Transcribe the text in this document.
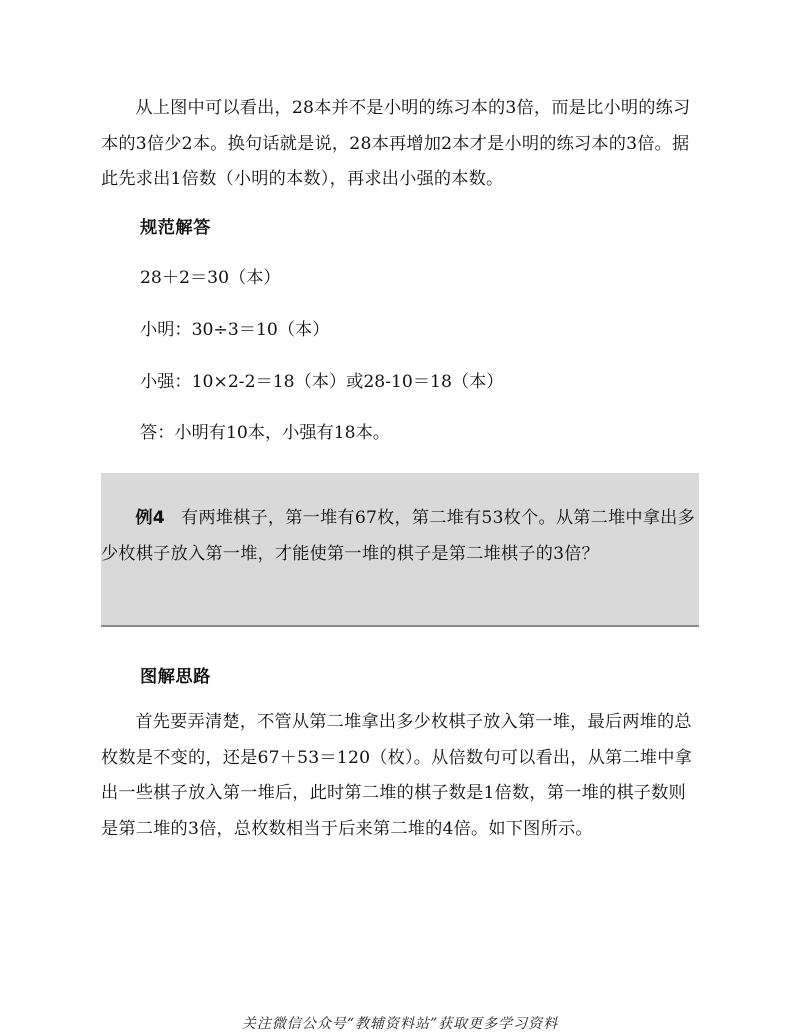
从上图中可以看出，28本并不是小明的练习本的3倍，而是比小明的练习本的3倍少2本。换句话就是说，28本再增加2本才是小明的练习本的3倍。据此先求出1倍数（小明的本数），再求出小强的本数。

规范解答

28＋2＝30（本）

小明：30÷3＝10（本）

小强：10×2-2＝18（本）或28-10＝18（本）

答：小明有10本，小强有18本。

例4 有两堆棋子，第一堆有67枚，第二堆有53枚个。从第二堆中拿出多少枚棋子放入第一堆，才能使第一堆的棋子是第二堆棋子的3倍？

图解思路

首先要弄清楚，不管从第二堆拿出多少枚棋子放入第一堆，最后两堆的总枚数是不变的，还是67＋53＝120（枚）。从倍数句可以看出，从第二堆中拿出一些棋子放入第一堆后，此时第二堆的棋子数是1倍数，第一堆的棋子数则是第二堆的3倍，总枚数相当于后来第二堆的4倍。如下图所示。

关注微信公众号“教辅资料站”获取更多学习资料
